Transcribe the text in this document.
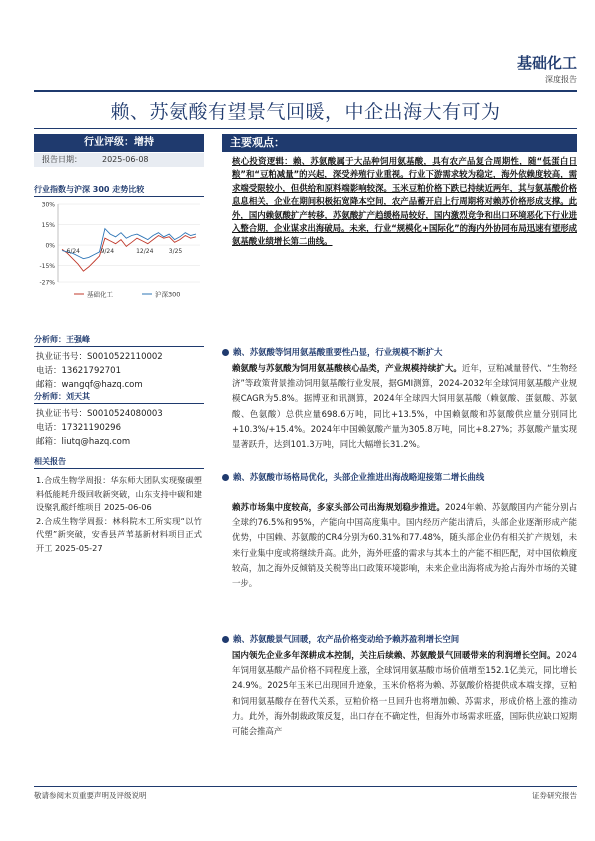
基础化工
深度报告
赖、苏氨酸有望景气回暖，中企出海大有可为
行业评级：增持
报告日期：	2025-06-08
行业指数与沪深 300 走势比较
30%
15%
0%
-15%
-27%
6/24	9/24	12/24	3/25
基础化工	沪深300
分析师：王强峰
执业证书号：S0010522110002
电话：13621792701
邮箱：wangqf@hazq.com
分析师：刘天其
执业证书号：S0010524080003
电话：17321190296
邮箱：liutq@hazq.com
相关报告

1.合成生物学周报：华东师大团队实现聚碳塑料低能耗升级回收新突破，山东支持中碳和建设聚乳酸纤维项目 2025-06-06

2.合成生物学周报：林科院木工所实现“以竹代塑”新突破，安香县芦苇基新材料项目正式开工 2025-05-27

主要观点：
核心投资逻辑：赖、苏氨酸属于大品种饲用氨基酸，具有农产品复合周期性，随“低蛋白日粮”和“豆粕减量”的兴起，深受养殖行业重视。行业下游需求较为稳定，海外依赖度较高，需求端受限较小，但供给和原料端影响较深。玉米豆粕价格下跌已持续近两年，其与氨基酸价格息息相关，企业在期间积极拓宽降本空间，农产品蓄开启上行周期将对赖苏价格形成支撑。此外，国内赖氨酸扩产转移，苏氨酸扩产趋缓格局较好，国内激烈竞争和出口环境恶化下行业进入整合期，企业谋求出海破局。未来，行业“规模化+国际化”的海内外协同布局迅速有望形成氨基酸业绩增长第二曲线。
赖、苏氨酸等饲用氨基酸重要性凸显，行业规模不断扩大
赖氨酸与苏氨酸为饲用氨基酸核心品类，产业规模持续扩大。近年，豆粕减量替代、“生物经济”等政策背景推动饲用氨基酸行业发展，据GMI测算，2024-2032年全球饲用氨基酸产业规模CAGR为5.8%。据博亚和讯测算，2024年全球四大饲用氨基酸（赖氨酸、蛋氨酸、苏氨酸、色氨酸）总供应量698.6万吨，同比+13.5%，中国赖氨酸和苏氨酸供应量分别同比+10.3%/+15.4%。2024年中国赖氨酸产量为305.8万吨，同比+8.27%；苏氨酸产量实现显著跃升，达到101.3万吨，同比大幅增长31.2%。
赖、苏氨酸市场格局优化，头部企业推进出海战略迎接第二增长曲线
赖苏市场集中度较高，多家头部公司出海规划稳步推进。2024年赖、苏氨酸国内产能分别占全球约76.5%和95%，产能向中国高度集中。国内经历产能出清后，头部企业逐渐形成产能优势，中国赖、苏氨酸的CR4分别为60.31%和77.48%，随头部企业仍有相关扩产规划，未来行业集中度或将继续升高。此外，海外旺盛的需求与其本土的产能不相匹配，对中国依赖度较高，加之海外反倾销及关税等出口政策环境影响，未来企业出海将成为抢占海外市场的关键一步。
赖、苏氨酸景气回暖，农产品价格变动给予赖苏盈利增长空间
国内领先企业多年深耕成本控制，关注后续赖、苏氨酸景气回暖带来的利润增长空间。2024年饲用氨基酸产品价格不同程度上涨，全球饲用氨基酸市场价值增至152.1亿美元，同比增长24.9%。2025年玉米已出现回升迹象，玉米价格将为赖、苏氨酸价格提供成本端支撑，豆粕和饲用氨基酸存在替代关系，豆粕价格一旦回升也将增加赖、苏需求，形成价格上涨的推动力。此外，海外制裁政策反复，出口存在不确定性，但海外市场需求旺盛，国际供应缺口短期可能会推高产
敬请参阅末页重要声明及评级说明	证券研究报告
